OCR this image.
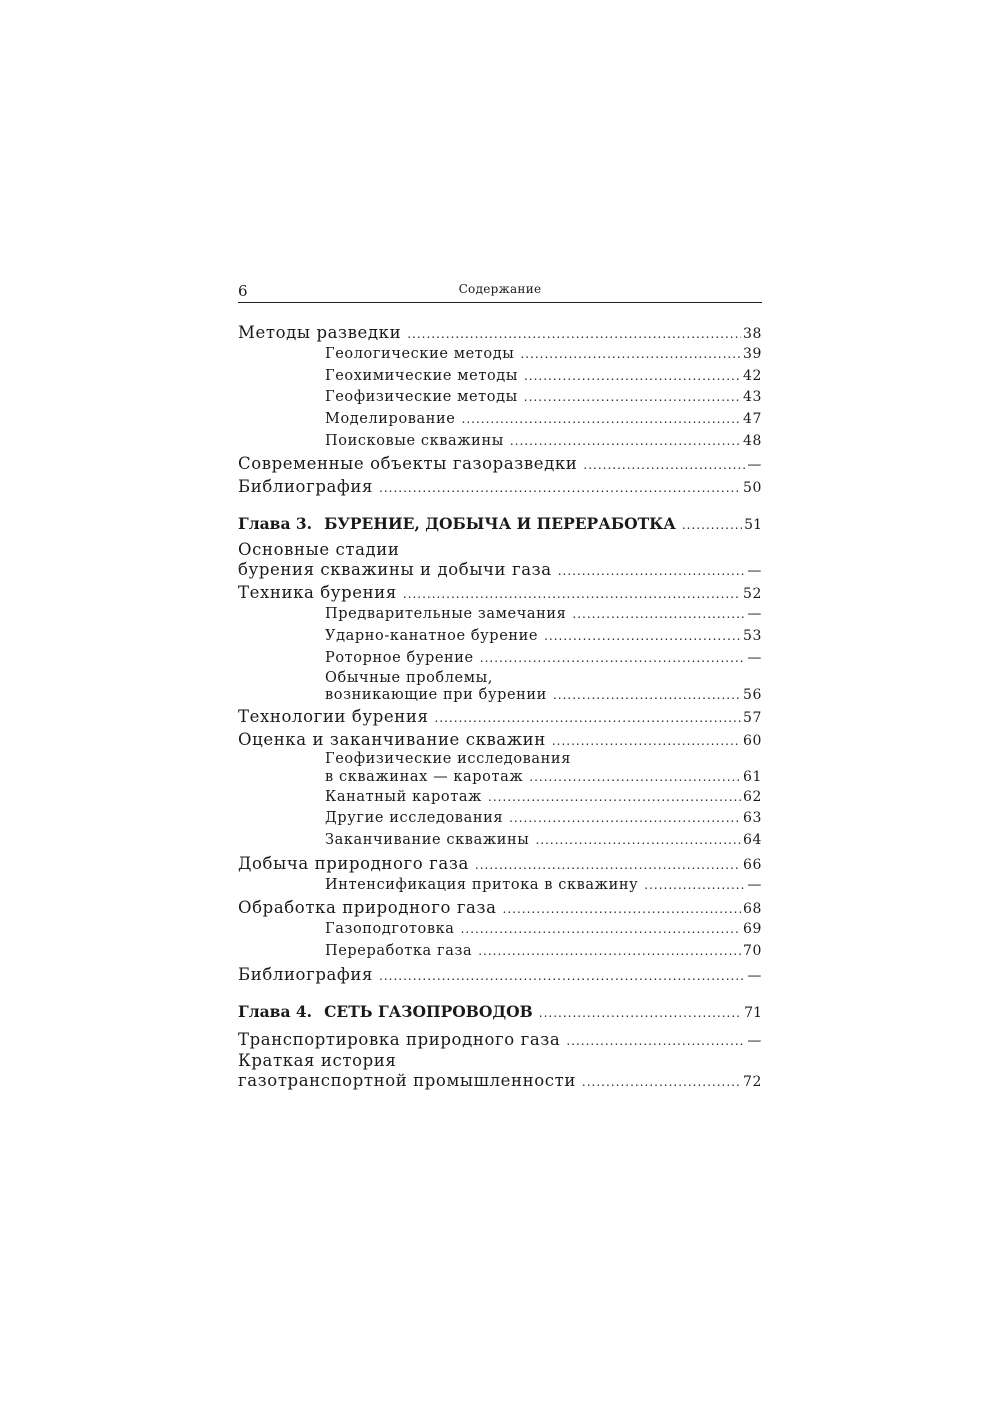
6	Содержание
Методы разведки .....	38
Геологические методы .....	39
Геохимические методы .....	42
Геофизические методы .....	43
Моделирование .....	47
Поисковые скважины .....	48
Современные объекты газоразведки .....	—
Библиография .....	50
Глава 3. БУРЕНИЕ, ДОБЫЧА И ПЕРЕРАБОТКА .....	51
Основные стадии
бурения скважины и добычи газа .....	—
Техника бурения .....	52
Предварительные замечания .....	—
Ударно-канатное бурение .....	53
Роторное бурение .....	—
Обычные проблемы,
возникающие при бурении .....	56
Технологии бурения .....	57
Оценка и заканчивание скважин .....	60
Геофизические исследования
в скважинах — каротаж .....	61
Канатный каротаж .....	62
Другие исследования .....	63
Заканчивание скважины .....	64
Добыча природного газа .....	66
Интенсификация притока в скважину .....	—
Обработка природного газа .....	68
Газоподготовка .....	69
Переработка газа .....	70
Библиография .....	—
Глава 4. СЕТЬ ГАЗОПРОВОДОВ .....	71
Транспортировка природного газа .....	—
Краткая история
газотранспортной промышленности .....	72
